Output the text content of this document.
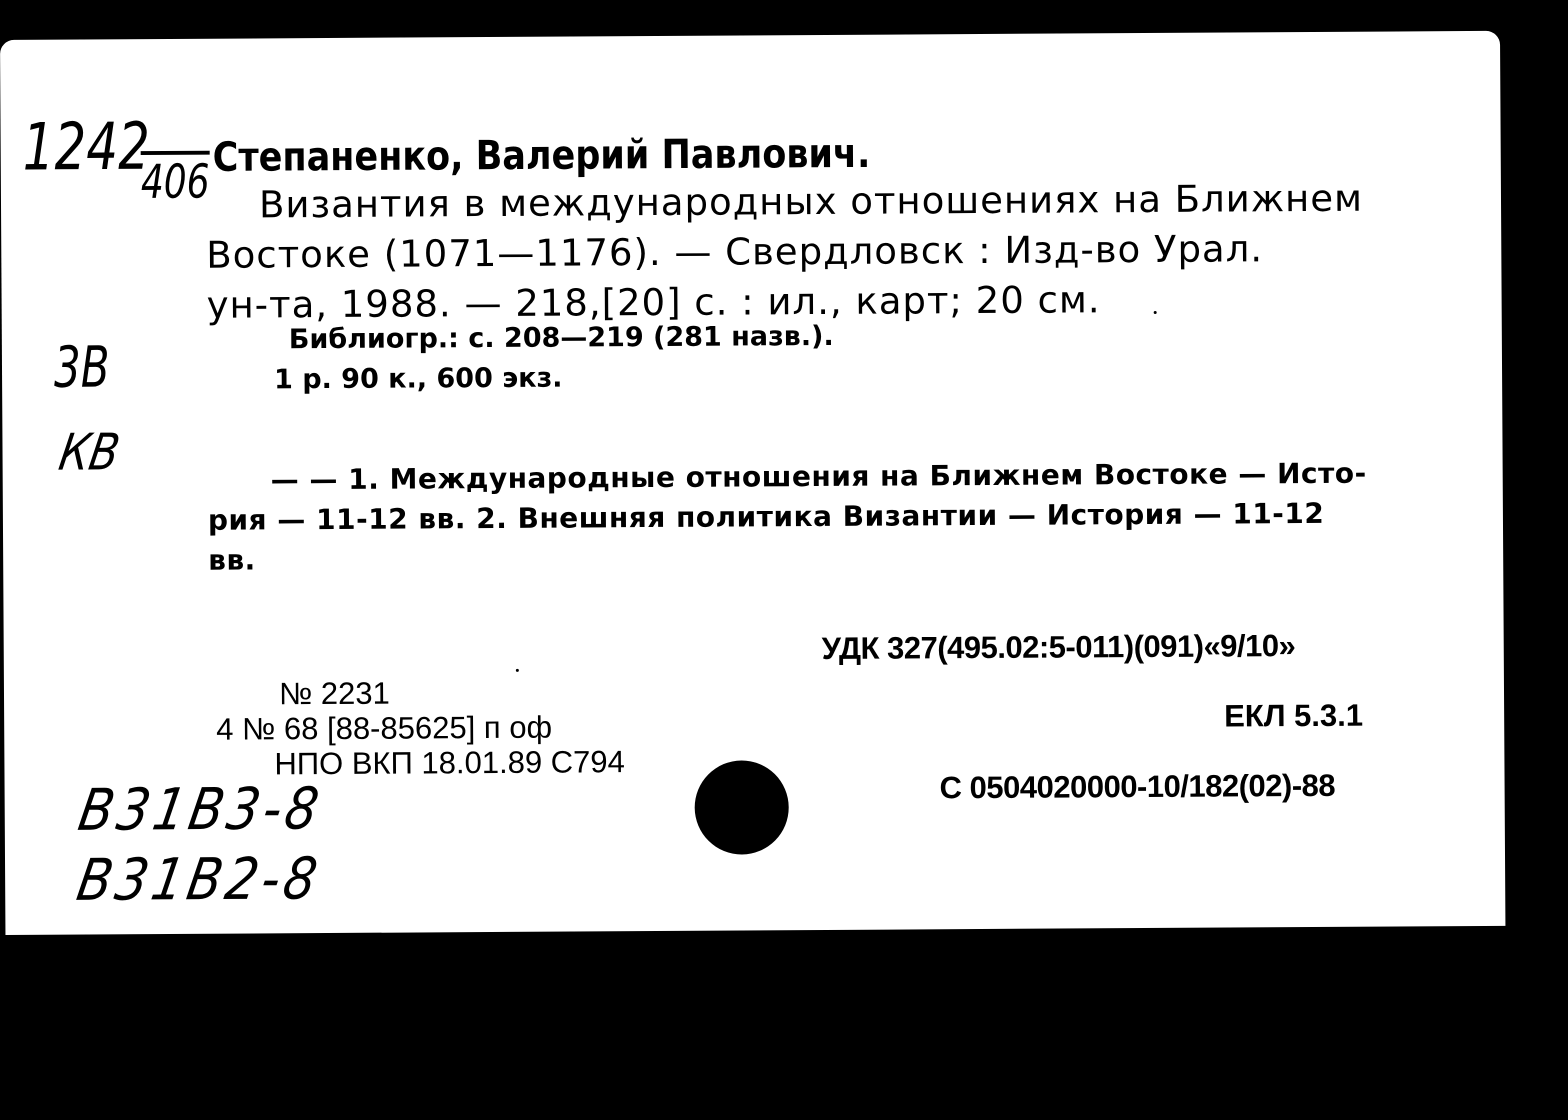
1242
406 Степаненко, Валерий Павлович.
Византия в международных отношениях на Ближнем
Востоке (1071—1176). — Свердловск : Изд-во Урал.
ун-та, 1988. — 218,[20] с. : ил., карт; 20 см.
Библиогр.: с. 208—219 (281 назв.).
1 р. 90 к., 600 экз.
3В
КВ	— — 1. Международные отношения на Ближнем Востоке — Исто-
рия — 11-12 вв. 2. Внешняя политика Византии — История — 11-12
вв.
УДК 327(495.02:5-011)(091)«9/10»
ЕКЛ 5.3.1
С 0504020000-10/182(02)-88
№ 2231
4 № 68 [88-85625] п оф
НПО ВКП 18.01.89 С794
В31В3-8
В31В2-8
